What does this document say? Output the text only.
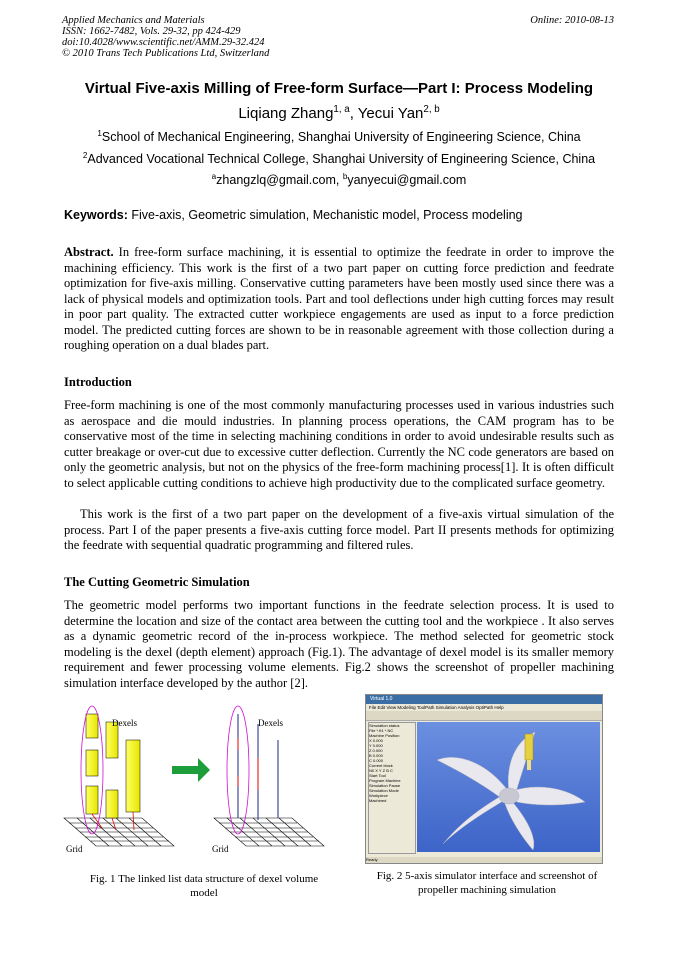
Applied Mechanics and Materials
ISSN: 1662-7482, Vols. 29-32, pp 424-429
doi:10.4028/www.scientific.net/AMM.29-32.424
© 2010 Trans Tech Publications Ltd, Switzerland
Online: 2010-08-13
Virtual Five-axis Milling of Free-form Surface—Part I: Process Modeling
Liqiang Zhang$^{1, a}$, Yecui Yan$^{2, b}$
$^1$School of Mechanical Engineering, Shanghai University of Engineering Science, China
$^2$Advanced Vocational Technical College, Shanghai University of Engineering Science, China
$^a$zhangzlq@gmail.com, $^b$yanyecui@gmail.com
Keywords: Five-axis, Geometric simulation, Mechanistic model, Process modeling

Abstract. In free-form surface machining, it is essential to optimize the feedrate in order to improve the machining efficiency. This work is the first of a two part paper on cutting force prediction and feedrate optimization for five-axis milling. Conservative cutting parameters have been mostly used since there was a lack of physical models and optimization tools. Part and tool deflections under high cutting forces may result in poor part quality. The extracted cutter workpiece engagements are used as input to a force prediction model. The predicted cutting forces are shown to be in reasonable agreement with those collection during a roughing operation on a dual blades part.

Introduction

Free-form machining is one of the most commonly manufacturing processes used in various industries such as aerospace and die mould industries. In planning process operations, the CAM program has to be conservative most of the time in selecting machining conditions in order to avoid undesirable results such as cutter breakage or over-cut due to excessive cutter deflection. Currently the NC code generators are based on only the geometric analysis, but not on the physics of the free-form machining process[1]. It is often difficult to select applicable cutting conditions to achieve high productivity due to the complicated surface geometry.

This work is the first of a two part paper on the development of a five-axis virtual simulation of the process. Part I of the paper presents a five-axis cutting force model. Part II presents methods for optimizing the feedrate with sequential quadratic programming and filtered rules.

The Cutting Geometric Simulation

The geometric model performs two important functions in the feedrate selection process. It is used to determine the location and size of the contact area between the cutting tool and the workpiece . It also serves as a dynamic geometric record of the in-process workpiece. The method selected for geometric stock modeling is the dexel (depth element) approach (Fig.1). The advantage of dexel model is its smaller memory requirement and fewer processing volume elements. Fig.2 shows the screenshot of propeller machining simulation interface developed by the author [2].

Dexels
Grid
Dexels
Grid
Fig. 1 The linked list data structure of dexel volume model
Virtual 1.0
File Edit View Modeling ToolPath Simulation Analysis OptiPath Help
Simulation status
File *.ft1 *.NC
Machine Position
X 0.000
Y 0.000
Z 0.000
B 0.000
C 0.000
Current block
N0 X Y Z B C
Start Tool
Program Machine
Simulation Pause
Simulation Mode
Workpiece
Machined
Ready
Fig. 2 5-axis simulator interface and screenshot of propeller machining simulation
